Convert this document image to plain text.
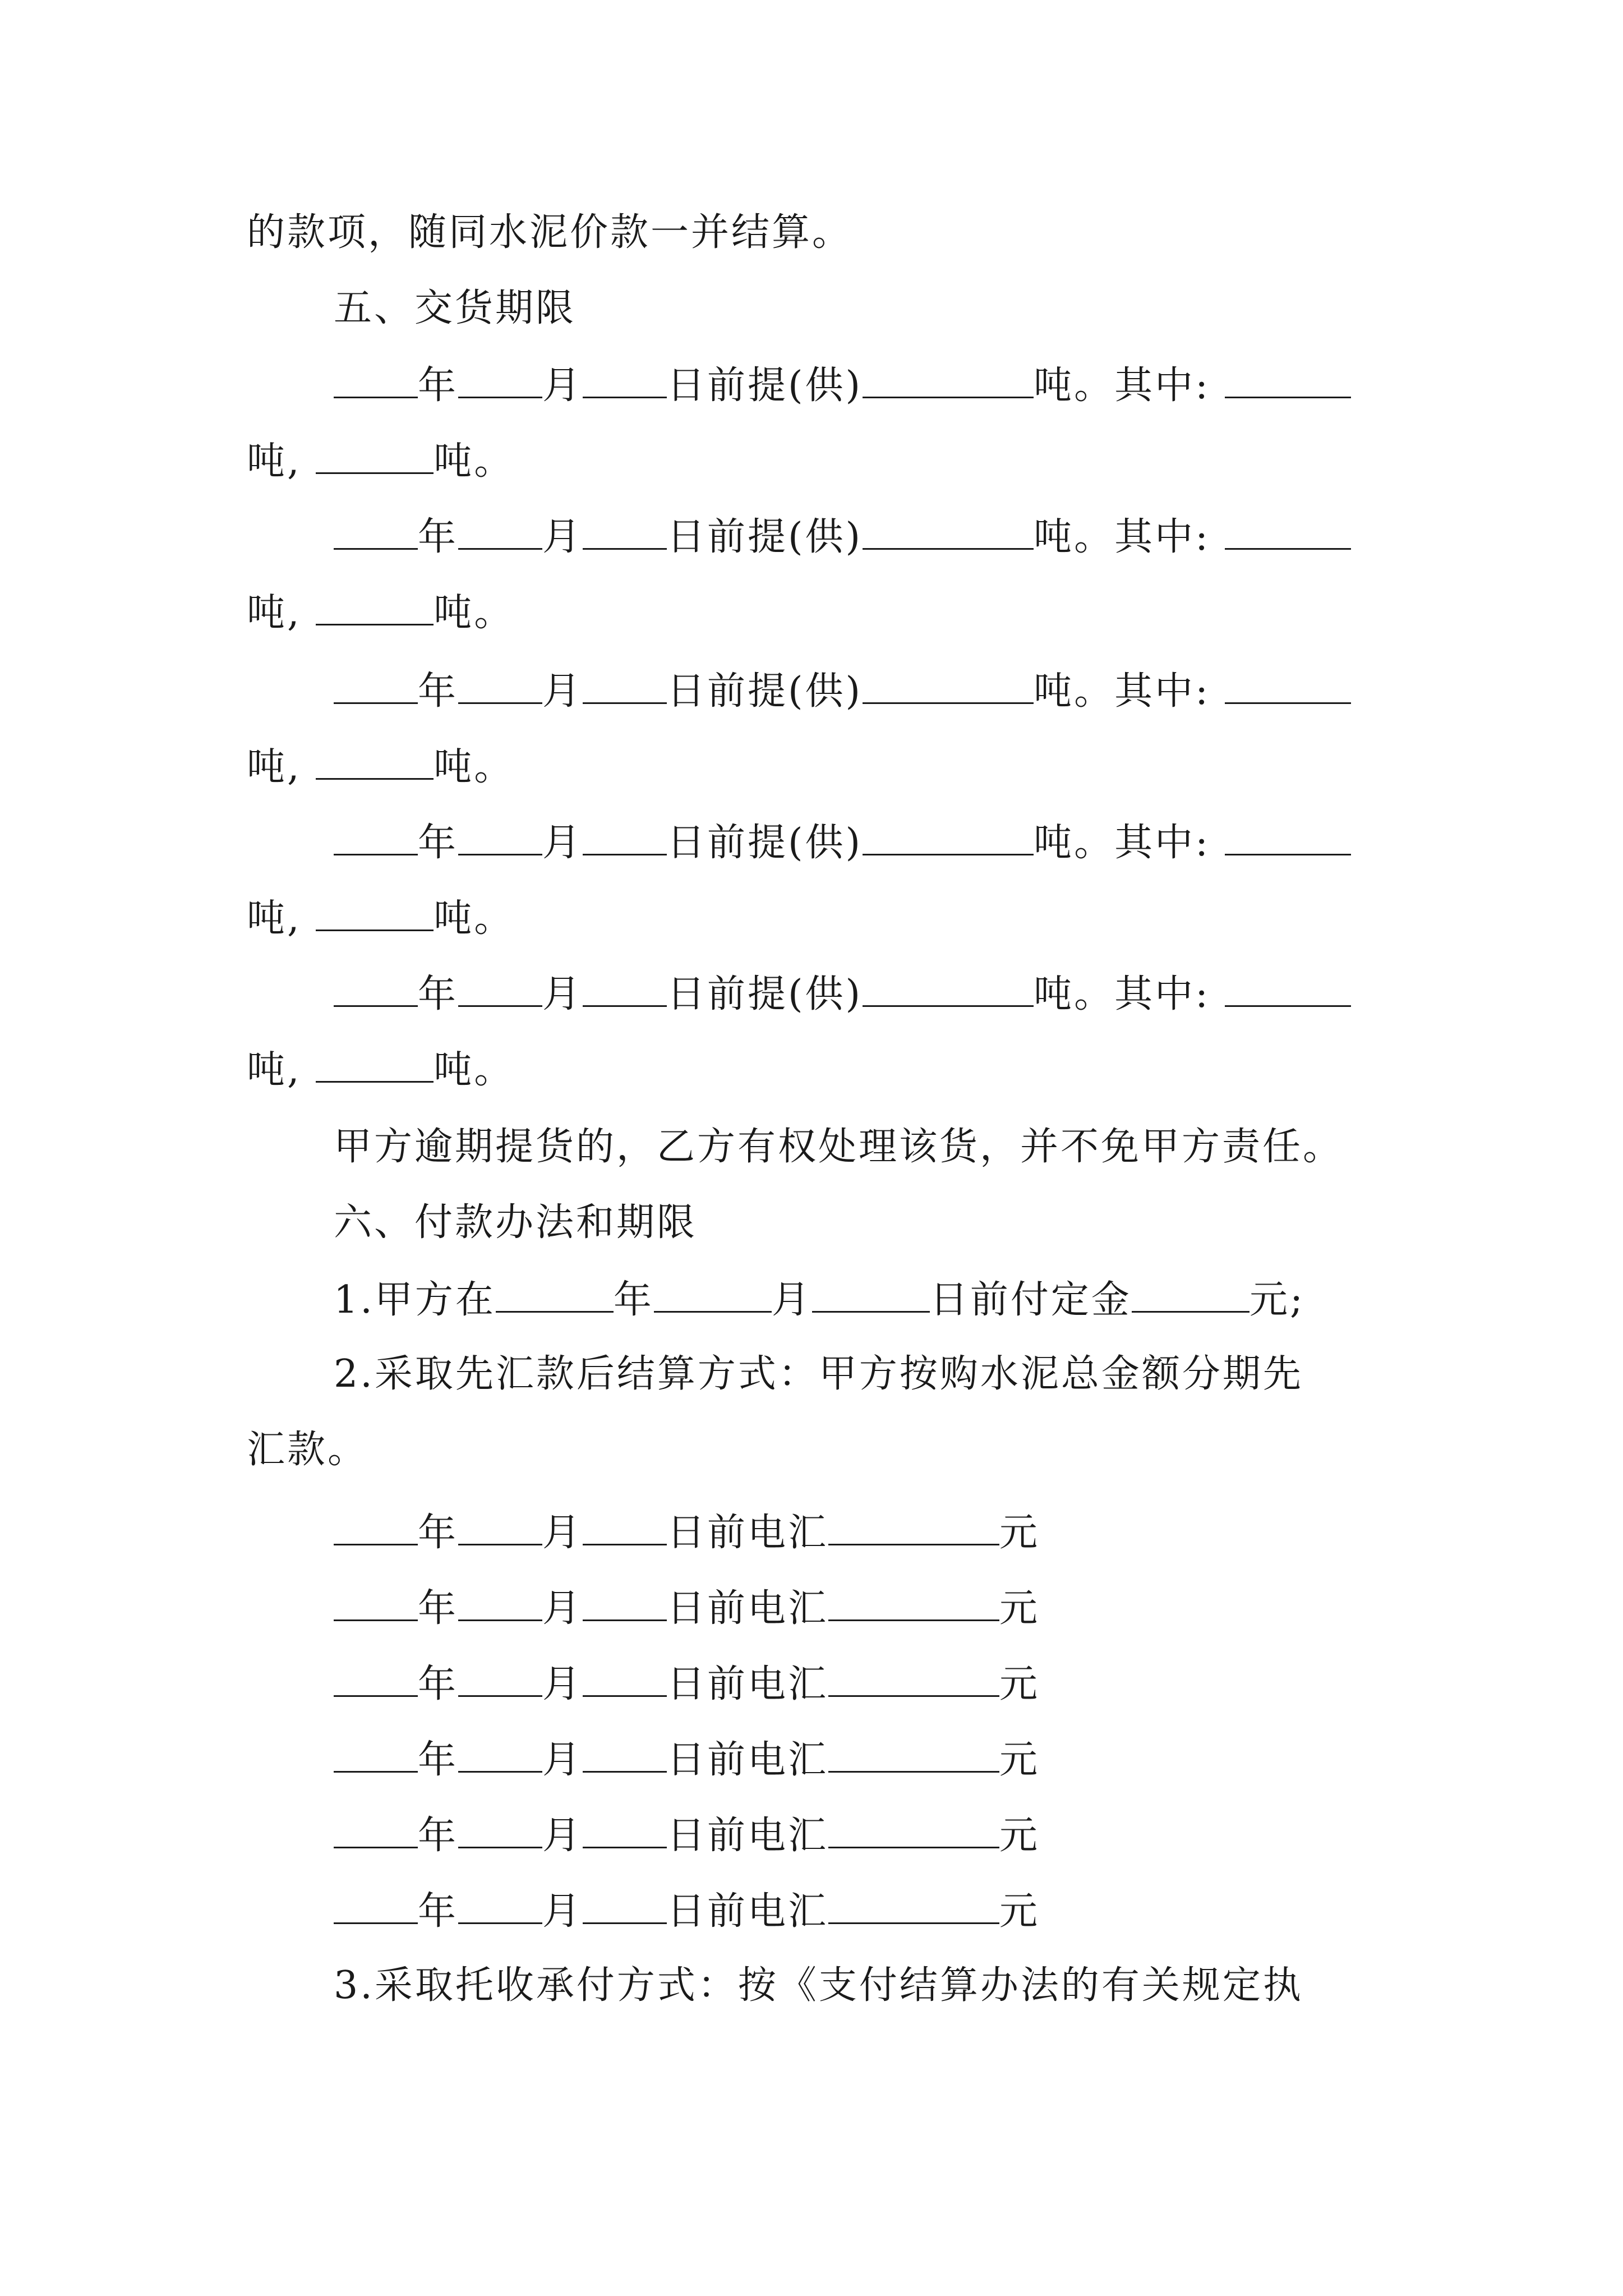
的款项，随同水泥价款一并结算。
五、交货期限
年 月 日前提(供)	吨。其中:
吨,	吨。
年 月 日前提(供)	吨。其中:
吨,	吨。
年 月 日前提(供)	吨。其中:
吨,	吨。
年 月 日前提(供)	吨。其中:
吨,	吨。
年 月 日前提(供)	吨。其中:
吨,	吨。
甲方逾期提货的，乙方有权处理该货，并不免甲方责任。
六、付款办法和期限
1.甲方在	年	月	日前付定金	元;
2.采取先汇款后结算方式：甲方按购水泥总金额分期先
汇款。
年 月 日前电汇	元
年 月 日前电汇	元
年 月 日前电汇	元
年 月 日前电汇	元
年 月 日前电汇	元
年 月 日前电汇	元
3.采取托收承付方式：按《支付结算办法的有关规定执
